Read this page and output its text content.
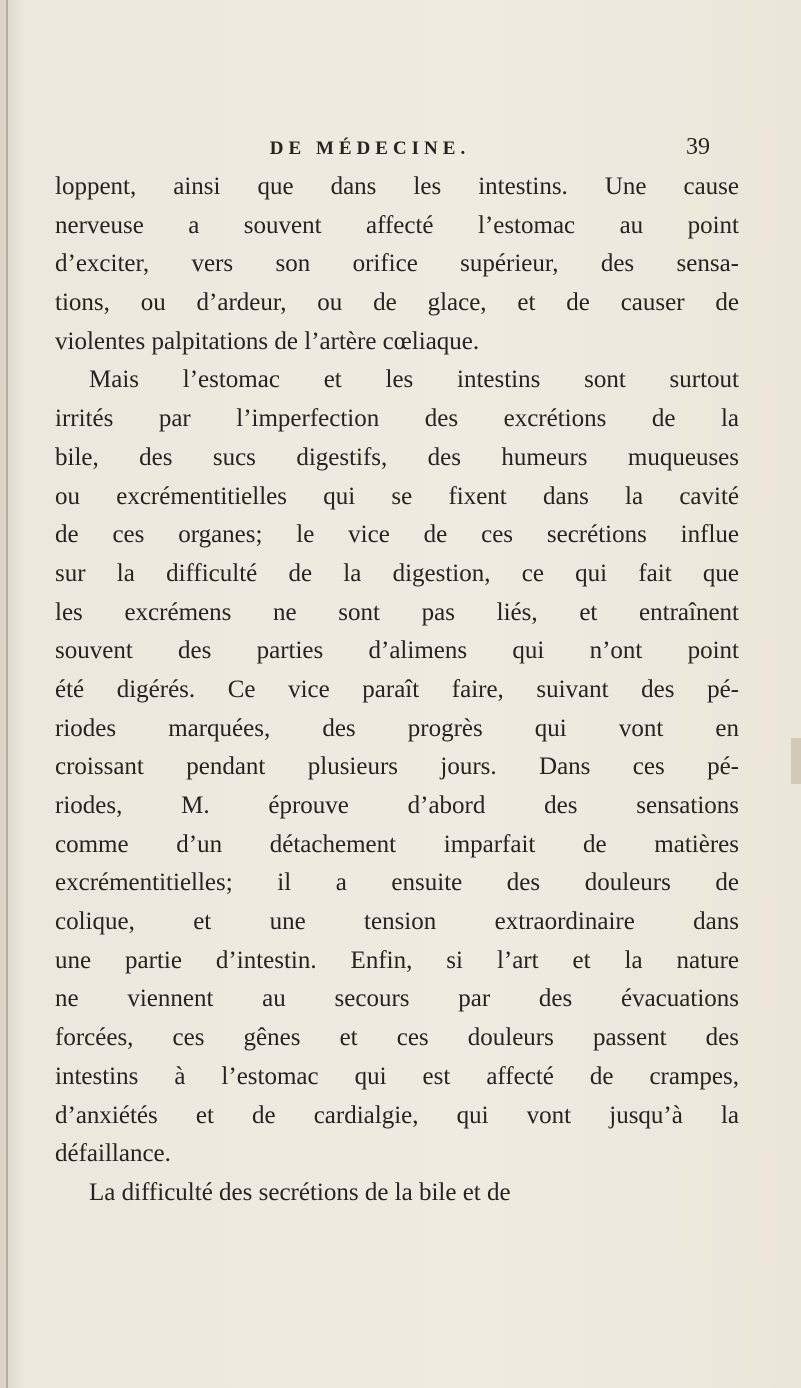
DE MÉDECINE.	39
loppent, ainsi que dans les intestins. Une cause
nerveuse a souvent affecté l’estomac au point
d’exciter, vers son orifice supérieur, des sensa-
tions, ou d’ardeur, ou de glace, et de causer de
violentes palpitations de l’artère cœliaque.
Mais l’estomac et les intestins sont surtout
irrités par l’imperfection des excrétions de la
bile, des sucs digestifs, des humeurs muqueuses
ou excrémentitielles qui se fixent dans la cavité
de ces organes; le vice de ces secrétions influe
sur la difficulté de la digestion, ce qui fait que
les excrémens ne sont pas liés, et entraînent
souvent des parties d’alimens qui n’ont point
été digérés. Ce vice paraît faire, suivant des pé-
riodes marquées, des progrès qui vont en
croissant pendant plusieurs jours. Dans ces pé-
riodes, M. éprouve d’abord des sensations
comme d’un détachement imparfait de matières
excrémentitielles; il a ensuite des douleurs de
colique, et une tension extraordinaire dans
une partie d’intestin. Enfin, si l’art et la nature
ne viennent au secours par des évacuations
forcées, ces gênes et ces douleurs passent des
intestins à l’estomac qui est affecté de crampes,
d’anxiétés et de cardialgie, qui vont jusqu’à la
défaillance.
La difficulté des secrétions de la bile et de
